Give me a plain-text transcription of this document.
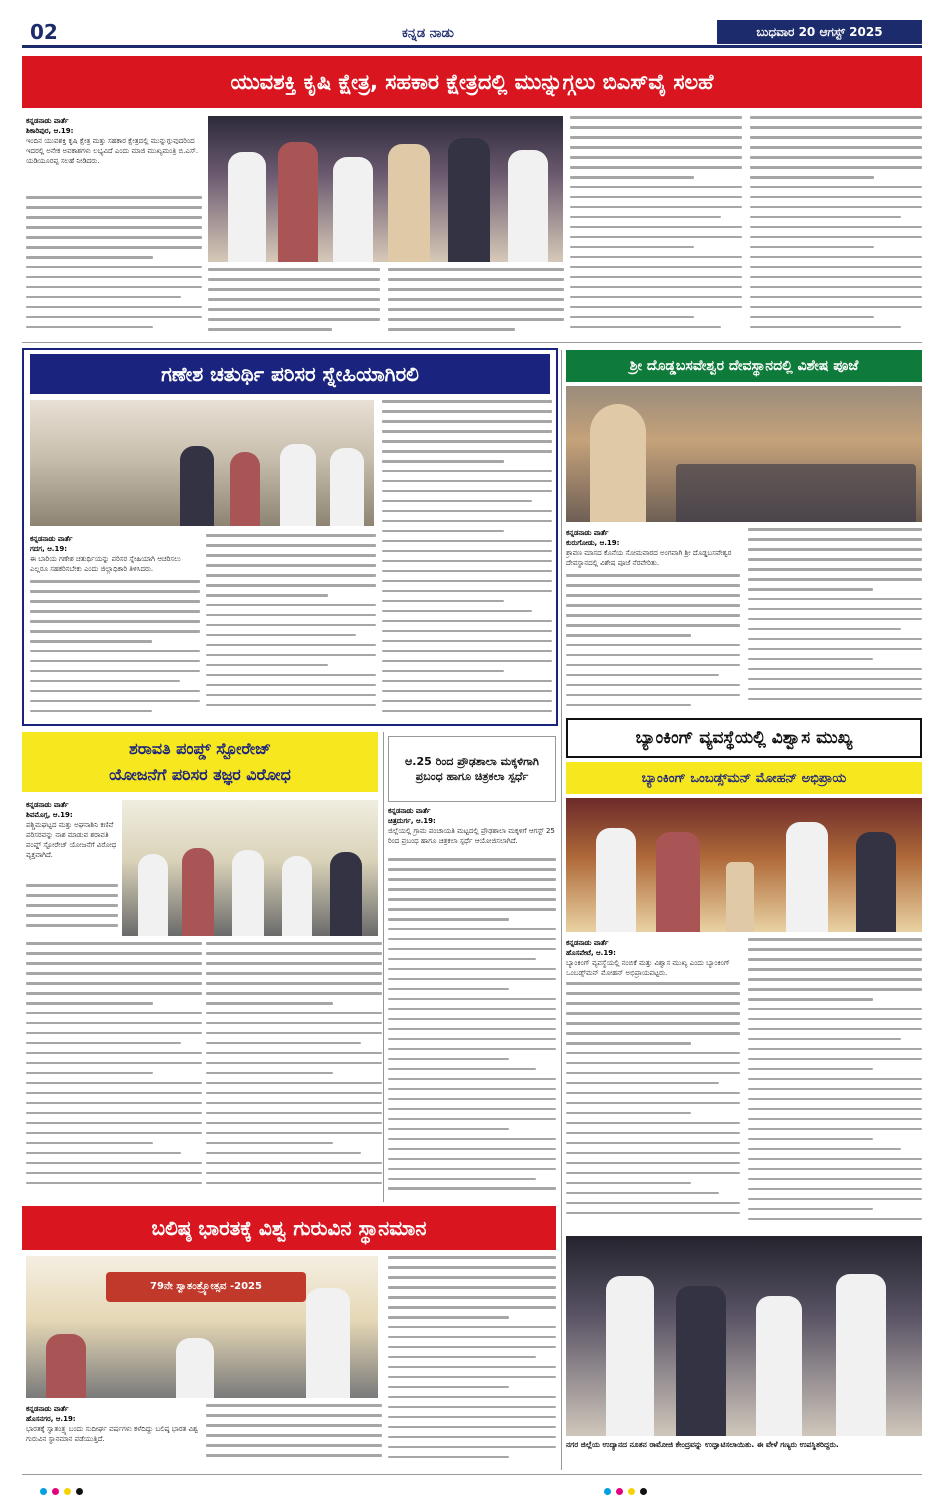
02	ಕನ್ನಡ ನಾಡು	ಬುಧವಾರ 20 ಆಗಸ್ಟ್ 2025
ಯುವಶಕ್ತಿ ಕೃಷಿ ಕ್ಷೇತ್ರ, ಸಹಕಾರ ಕ್ಷೇತ್ರದಲ್ಲಿ ಮುನ್ನುಗ್ಗಲು ಬಿಎಸ್‌ವೈ ಸಲಹೆ
ಕನ್ನಡನಾಡು ವಾರ್ತೆ
ಶಿಕಾರಿಪುರ, ಆ.19:
ಇಂದಿನ ಯುವಶಕ್ತಿ ಕೃಷಿ ಕ್ಷೇತ್ರ ಮತ್ತು ಸಹಕಾರ ಕ್ಷೇತ್ರದಲ್ಲಿ ಮುನ್ನುಗ್ಗುವುದರಿಂದ ಇದರಲ್ಲಿ ಅನೇಕ ಅವಕಾಶಗಳು ಲಭ್ಯವಿದೆ ಎಂದು ಮಾಜಿ ಮುಖ್ಯಮಂತ್ರಿ ಬಿ.ಎಸ್. ಯಡಿಯೂರಪ್ಪ ಸಲಹೆ ನೀಡಿದರು.
ಗಣೇಶ ಚತುರ್ಥಿ ಪರಿಸರ ಸ್ನೇಹಿಯಾಗಿರಲಿ
ಕನ್ನಡನಾಡು ವಾರ್ತೆ
ಗದಗ, ಆ.19:
ಈ ಬಾರಿಯ ಗಣೇಶ ಚತುರ್ಥಿಯನ್ನು ಪರಿಸರ ಸ್ನೇಹಿಯಾಗಿ ಆಚರಿಸಲು ಎಲ್ಲರೂ ಸಹಕರಿಸಬೇಕು ಎಂದು ಜಿಲ್ಲಾಧಿಕಾರಿ ತಿಳಿಸಿದರು.
ಶ್ರೀ ದೊಡ್ಡಬಸವೇಶ್ವರ ದೇವಸ್ಥಾನದಲ್ಲಿ ವಿಶೇಷ ಪೂಜೆ
ಕನ್ನಡನಾಡು ವಾರ್ತೆ
ಕುರುಗೋಡು, ಆ.19:
ಶ್ರಾವಣ ಮಾಸದ ಕೊನೆಯ ಸೋಮವಾರದ ಅಂಗವಾಗಿ ಶ್ರೀ ದೊಡ್ಡಬಸವೇಶ್ವರ ದೇವಸ್ಥಾನದಲ್ಲಿ ವಿಶೇಷ ಪೂಜೆ ನೆರವೇರಿತು.
ಬ್ಯಾಂಕಿಂಗ್ ವ್ಯವಸ್ಥೆಯಲ್ಲಿ ವಿಶ್ವಾಸ ಮುಖ್ಯ
ಶರಾವತಿ ಪಂಪ್ಡ್ ಸ್ಟೋರೇಜ್
ಯೋಜನೆಗೆ ಪರಿಸರ ತಜ್ಞರ ವಿರೋಧ
ಕನ್ನಡನಾಡು ವಾರ್ತೆ
ಶಿವಮೊಗ್ಗ, ಆ.19:
ಪಶ್ಚಿಮಘಟ್ಟದ ಮತ್ತು ಅಘನಾಶಿನಿ ಕಣಿವೆ ಪರಿಸರವನ್ನು ನಾಶ ಮಾಡುವ ಶರಾವತಿ ಪಂಪ್ಡ್ ಸ್ಟೋರೇಜ್ ಯೋಜನೆಗೆ ವಿರೋಧ ವ್ಯಕ್ತವಾಗಿದೆ.
ಆ.25 ರಿಂದ ಪ್ರೌಢಶಾಲಾ ಮಕ್ಕಳಿಗಾಗಿ ಪ್ರಬಂಧ ಹಾಗೂ ಚಿತ್ರಕಲಾ ಸ್ಪರ್ಧೆ
ಕನ್ನಡನಾಡು ವಾರ್ತೆ
ಚಿತ್ರದುರ್ಗ, ಆ.19:
ಜಿಲ್ಲೆಯಲ್ಲಿ ಗ್ರಾಮ ಪಂಚಾಯತಿ ಮಟ್ಟದಲ್ಲಿ ಪ್ರೌಢಶಾಲಾ ಮಕ್ಕಳಿಗೆ ಆಗಸ್ಟ್ 25 ರಿಂದ ಪ್ರಬಂಧ ಹಾಗೂ ಚಿತ್ರಕಲಾ ಸ್ಪರ್ಧೆ ಆಯೋಜಿಸಲಾಗಿದೆ.
ಬ್ಯಾಂಕಿಂಗ್ ಒಂಬಡ್ಸ್‌ಮನ್ ಮೋಹನ್ ಅಭಿಪ್ರಾಯ
ಕನ್ನಡನಾಡು ವಾರ್ತೆ
ಹೊಸಪೇಟೆ, ಆ.19:
ಬ್ಯಾಂಕಿಂಗ್ ವ್ಯವಸ್ಥೆಯಲ್ಲಿ ನಂಬಿಕೆ ಮತ್ತು ವಿಶ್ವಾಸ ಮುಖ್ಯ ಎಂದು ಬ್ಯಾಂಕಿಂಗ್ ಒಂಬಡ್ಸ್‌ಮನ್ ಮೋಹನ್ ಅಭಿಪ್ರಾಯಪಟ್ಟರು.
ಬಲಿಷ್ಠ ಭಾರತಕ್ಕೆ ವಿಶ್ವ ಗುರುವಿನ ಸ್ಥಾನಮಾನ
79ನೇ ಸ್ವಾತಂತ್ರ್ಯೋತ್ಸವ -2025
ಕನ್ನಡನಾಡು ವಾರ್ತೆ
ಹೊಸನಗರ, ಆ.19:
ಭಾರತಕ್ಕೆ ಸ್ವಾತಂತ್ರ್ಯ ಬಂದು ಸುದೀರ್ಘ ವರ್ಷಗಳು ಕಳೆದಿದ್ದು ಬಲಿಷ್ಠ ಭಾರತ ವಿಶ್ವ ಗುರುವಿನ ಸ್ಥಾನಮಾನ ಪಡೆಯುತ್ತಿದೆ.
ನಗರ ಜಿಲ್ಲೆಯ ಉದ್ಯಾನದ ನೂತನ ರಾಮೋಜಿ ಕೇಂದ್ರವನ್ನು ಉದ್ಘಾಟಿಸಲಾಯಿತು. ಈ ವೇಳೆ ಗಣ್ಯರು ಉಪಸ್ಥಿತರಿದ್ದರು.
